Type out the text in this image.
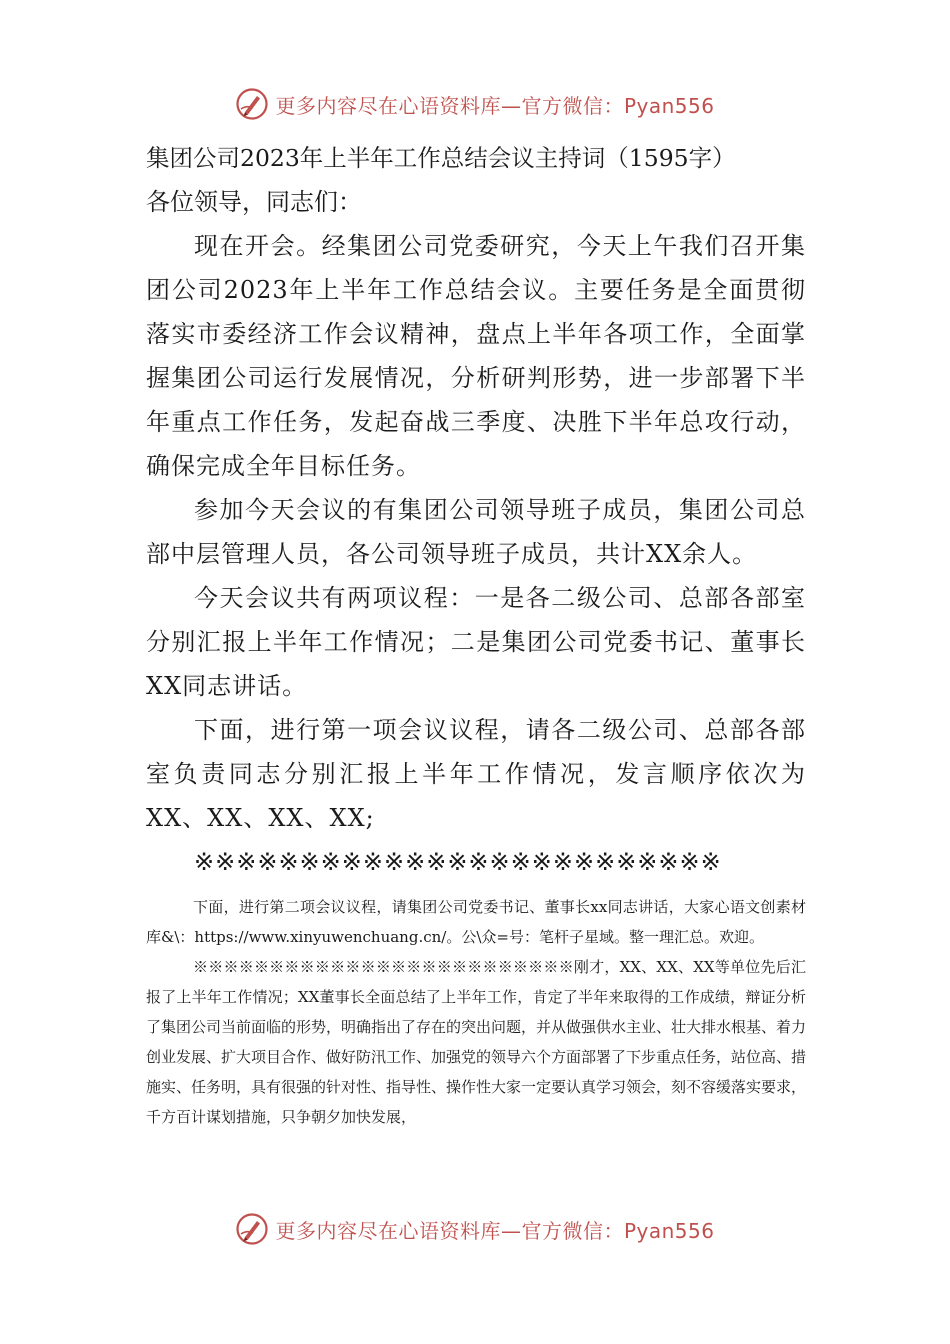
更多内容尽在心语资料库—官方微信：Pyan556

集团公司2023年上半年工作总结会议主持词（1595字）

各位领导，同志们：

现在开会。经集团公司党委研究，今天上午我们召开集团公司2023年上半年工作总结会议。主要任务是全面贯彻落实市委经济工作会议精神，盘点上半年各项工作，全面掌握集团公司运行发展情况，分析研判形势，进一步部署下半年重点工作任务，发起奋战三季度、决胜下半年总攻行动，确保完成全年目标任务。

参加今天会议的有集团公司领导班子成员，集团公司总部中层管理人员，各公司领导班子成员，共计XX余人。

今天会议共有两项议程：一是各二级公司、总部各部室分别汇报上半年工作情况；二是集团公司党委书记、董事长XX同志讲话。

下面，进行第一项会议议程，请各二级公司、总部各部室负责同志分别汇报上半年工作情况，发言顺序依次为XX、XX、XX、XX;

※※※※※※※※※※※※※※※※※※※※※※※※※

下面，进行第二项会议议程，请集团公司党委书记、董事长xx同志讲话，大家心语文创素材库&\：https://www.xinyuwenchuang.cn/。公\众=号：笔杆子星域。整一理汇总。欢迎。

※※※※※※※※※※※※※※※※※※※※※※※※※刚才，XX、XX、XX等单位先后汇报了上半年工作情况；XX董事长全面总结了上半年工作，肯定了半年来取得的工作成绩，辩证分析了集团公司当前面临的形势，明确指出了存在的突出问题，并从做强供水主业、壮大排水根基、着力创业发展、扩大项目合作、做好防汛工作、加强党的领导六个方面部署了下步重点任务，站位高、措施实、任务明，具有很强的针对性、指导性、操作性大家一定要认真学习领会，刻不容缓落实要求，千方百计谋划措施，只争朝夕加快发展，

更多内容尽在心语资料库—官方微信：Pyan556
